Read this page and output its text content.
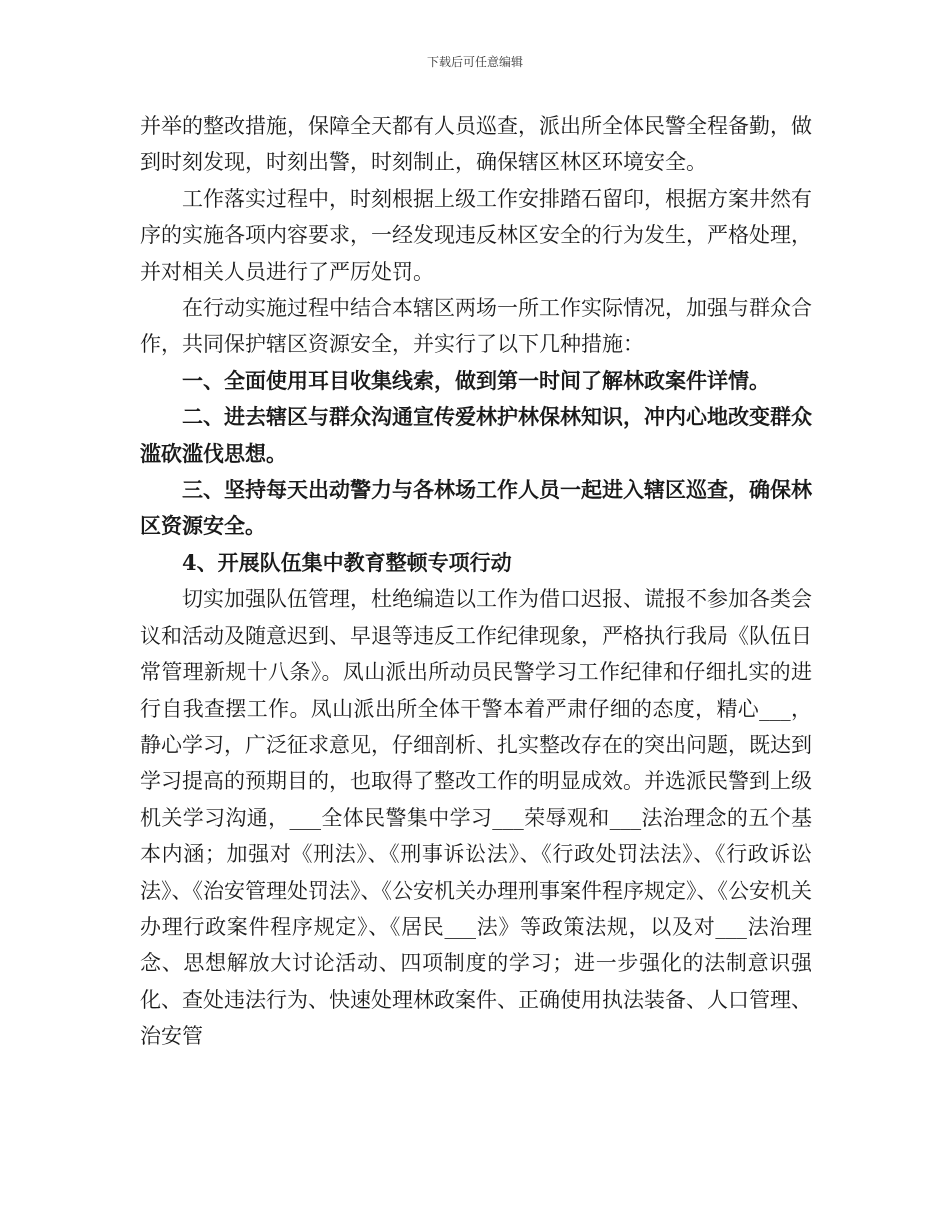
下载后可任意编辑

并举的整改措施，保障全天都有人员巡查，派出所全体民警全程备勤，做到时刻发现，时刻出警，时刻制止，确保辖区林区环境安全。

工作落实过程中，时刻根据上级工作安排踏石留印，根据方案井然有序的实施各项内容要求，一经发现违反林区安全的行为发生，严格处理，并对相关人员进行了严厉处罚。

在行动实施过程中结合本辖区两场一所工作实际情况，加强与群众合作，共同保护辖区资源安全，并实行了以下几种措施：

一、全面使用耳目收集线索，做到第一时间了解林政案件详情。

二、进去辖区与群众沟通宣传爱林护林保林知识，冲内心地改变群众滥砍滥伐思想。

三、坚持每天出动警力与各林场工作人员一起进入辖区巡查，确保林区资源安全。

4、开展队伍集中教育整顿专项行动

切实加强队伍管理，杜绝编造以工作为借口迟报、谎报不参加各类会议和活动及随意迟到、早退等违反工作纪律现象，严格执行我局《队伍日常管理新规十八条》。凤山派出所动员民警学习工作纪律和仔细扎实的进行自我查摆工作。凤山派出所全体干警本着严肃仔细的态度，精心___，静心学习，广泛征求意见，仔细剖析、扎实整改存在的突出问题，既达到学习提高的预期目的，也取得了整改工作的明显成效。并选派民警到上级机关学习沟通，___全体民警集中学习___荣辱观和___法治理念的五个基本内涵；加强对《刑法》、《刑事诉讼法》、《行政处罚法法》、《行政诉讼法》、《治安管理处罚法》、《公安机关办理刑事案件程序规定》、《公安机关办理行政案件程序规定》、《居民___法》等政策法规，以及对___法治理念、思想解放大讨论活动、四项制度的学习；进一步强化的法制意识强化、查处违法行为、快速处理林政案件、正确使用执法装备、人口管理、治安管
